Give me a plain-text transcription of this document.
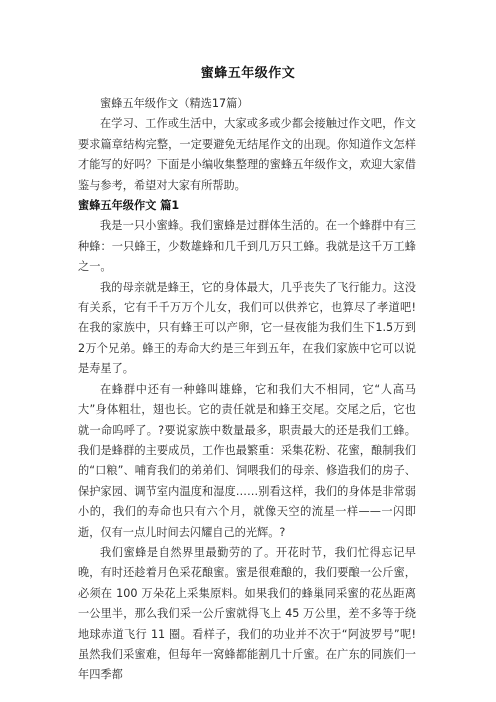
蜜蜂五年级作文

蜜蜂五年级作文（精选17篇）

在学习、工作或生活中，大家或多或少都会接触过作文吧，作文要求篇章结构完整，一定要避免无结尾作文的出现。你知道作文怎样才能写的好吗？下面是小编收集整理的蜜蜂五年级作文，欢迎大家借鉴与参考，希望对大家有所帮助。

蜜蜂五年级作文 篇1

我是一只小蜜蜂。我们蜜蜂是过群体生活的。在一个蜂群中有三种蜂：一只蜂王，少数雄蜂和几千到几万只工蜂。我就是这千万工蜂之一。

我的母亲就是蜂王，它的身体最大，几乎丧失了飞行能力。这没有关系，它有千千万万个儿女，我们可以供养它，也算尽了孝道吧!在我的家族中，只有蜂王可以产卵，它一昼夜能为我们生下1.5万到2万个兄弟。蜂王的寿命大约是三年到五年，在我们家族中它可以说是寿星了。

在蜂群中还有一种蜂叫雄蜂，它和我们大不相同，它“人高马大”身体粗壮，翅也长。它的责任就是和蜂王交尾。交尾之后，它也就一命呜呼了。?要说家族中数量最多，职责最大的还是我们工蜂。我们是蜂群的主要成员，工作也最繁重：采集花粉、花蜜，酿制我们的“口粮”、哺育我们的弟弟们、饲喂我们的母亲、修造我们的房子、保护家园、调节室内温度和湿度……别看这样，我们的身体是非常弱小的，我们的寿命也只有六个月，就像天空的流星一样——一闪即逝，仅有一点儿时间去闪耀自己的光辉。?

我们蜜蜂是自然界里最勤劳的了。开花时节，我们忙得忘记早晚，有时还趁着月色采花酿蜜。蜜是很难酿的，我们要酿一公斤蜜，必须在 100 万朵花上采集原料。如果我们的蜂巢同采蜜的花丛距离一公里半，那么我们采一公斤蜜就得飞上 45 万公里，差不多等于绕地球赤道飞行 11 圈。看样子，我们的功业并不次于“阿波罗号”呢!虽然我们采蜜难，但每年一窝蜂都能割几十斤蜜。在广东的同族们一年四季都
